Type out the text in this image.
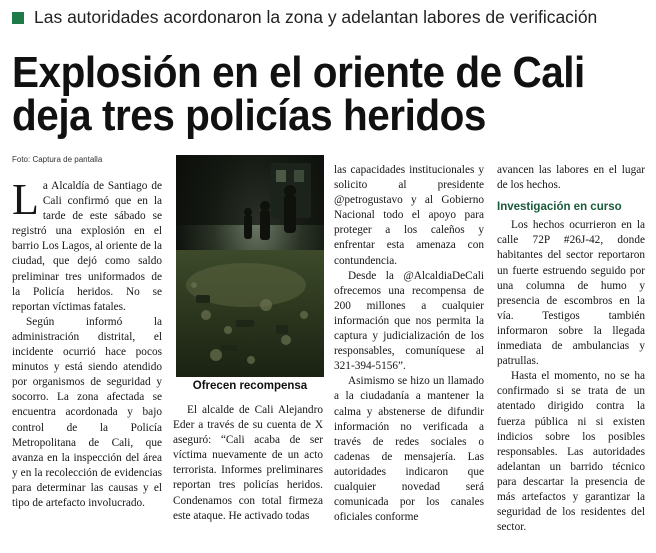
Las autoridades acordonaron la zona y adelantan labores de verificación
Explosión en el oriente de Cali deja tres policías heridos
Foto: Captura de pantalla

La Alcaldía de Santiago de Cali confirmó que en la tarde de este sábado se registró una explosión en el barrio Los Lagos, al oriente de la ciudad, que dejó como saldo preliminar tres uniformados de la Policía heridos. No se reportan víctimas fatales.

Según informó la administración distrital, el incidente ocurrió hace pocos minutos y está siendo atendido por organismos de seguridad y socorro. La zona afectada se encuentra acordonada y bajo control de la Policía Metropolitana de Cali, que avanza en la inspección del área y en la recolección de evidencias para determinar las causas y el tipo de artefacto involucrado.

Ofrecen recompensa

El alcalde de Cali Alejandro Eder a través de su cuenta de X aseguró: “Cali acaba de ser víctima nuevamente de un acto terrorista. Informes preliminares reportan tres policías heridos. Condenamos con total firmeza este ataque. He activado todas

las capacidades institucionales y solicito al presidente @petrogustavo y al Gobierno Nacional todo el apoyo para proteger a los caleños y enfrentar esta amenaza con contundencia.

Desde la @AlcaldiaDeCali ofrecemos una recompensa de 200 millones a cualquier información que nos permita la captura y judicialización de los responsables, comuníquese al 321-394-5156”.

Asimismo se hizo un llamado a la ciudadanía a mantener la calma y abstenerse de difundir información no verificada a través de redes sociales o cadenas de mensajería. Las autoridades indicaron que cualquier novedad será comunicada por los canales oficiales conforme

avancen las labores en el lugar de los hechos.

Investigación en curso

Los hechos ocurrieron en la calle 72P #26J-42, donde habitantes del sector reportaron un fuerte estruendo seguido por una columna de humo y presencia de escombros en la vía. Testigos también informaron sobre la llegada inmediata de ambulancias y patrullas.

Hasta el momento, no se ha confirmado si se trata de un atentado dirigido contra la fuerza pública ni si existen indicios sobre los posibles responsables. Las autoridades adelantan un barrido técnico para descartar la presencia de más artefactos y garantizar la seguridad de los residentes del sector.
